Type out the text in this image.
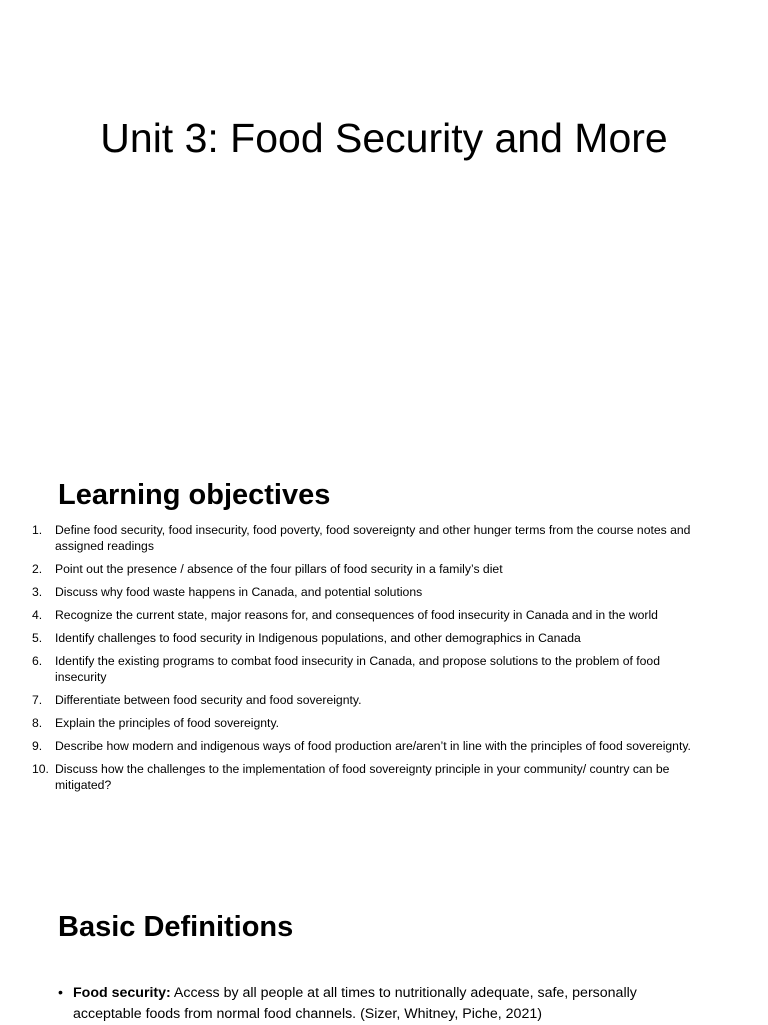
Unit 3: Food Security and More
Learning objectives
1.	Define food security, food insecurity, food poverty, food sovereignty and other hunger terms from the course notes and assigned readings
2.	Point out the presence / absence of the four pillars of food security in a family’s diet
3.	Discuss why food waste happens in Canada, and potential solutions
4.	Recognize the current state, major reasons for, and consequences of food insecurity in Canada and in the world
5.	Identify challenges to food security in Indigenous populations, and other demographics in Canada
6.	Identify the existing programs to combat food insecurity in Canada, and propose solutions to the problem of food insecurity
7.	Differentiate between food security and food sovereignty.
8.	Explain the principles of food sovereignty.
9.	Describe how modern and indigenous ways of food production are/aren’t in line with the principles of food sovereignty.
10. Discuss how the challenges to the implementation of food sovereignty principle in your community/ country can be mitigated?
Basic Definitions
• Food security: Access by all people at all times to nutritionally adequate, safe, personally acceptable foods from normal food channels. (Sizer, Whitney, Piche, 2021)
